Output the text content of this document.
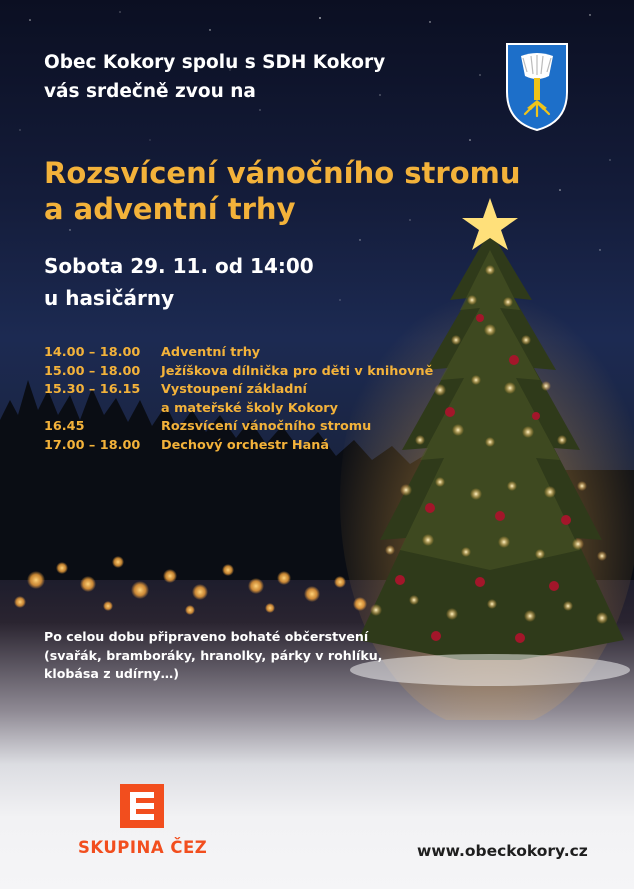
Obec Kokory spolu s SDH Kokory
vás srdečně zvou na
Rozsvícení vánočního stromu
a adventní trhy
Sobota 29. 11. od 14:00
u hasičárny
14.00 – 18.00 Adventní trhy
15.00 – 18.00 Ježíškova dílnička pro děti v knihovně
15.30 – 16.15 Vystoupení základní
a mateřské školy Kokory
16.45	Rozsvícení vánočního stromu
17.00 – 18.00 Dechový orchestr Haná
Po celou dobu připraveno bohaté občerstvení
(svařák, bramboráky, hranolky, párky v rohlíku,
klobása z udírny…)
SKUPINA ČEZ	www.obeckokory.cz
